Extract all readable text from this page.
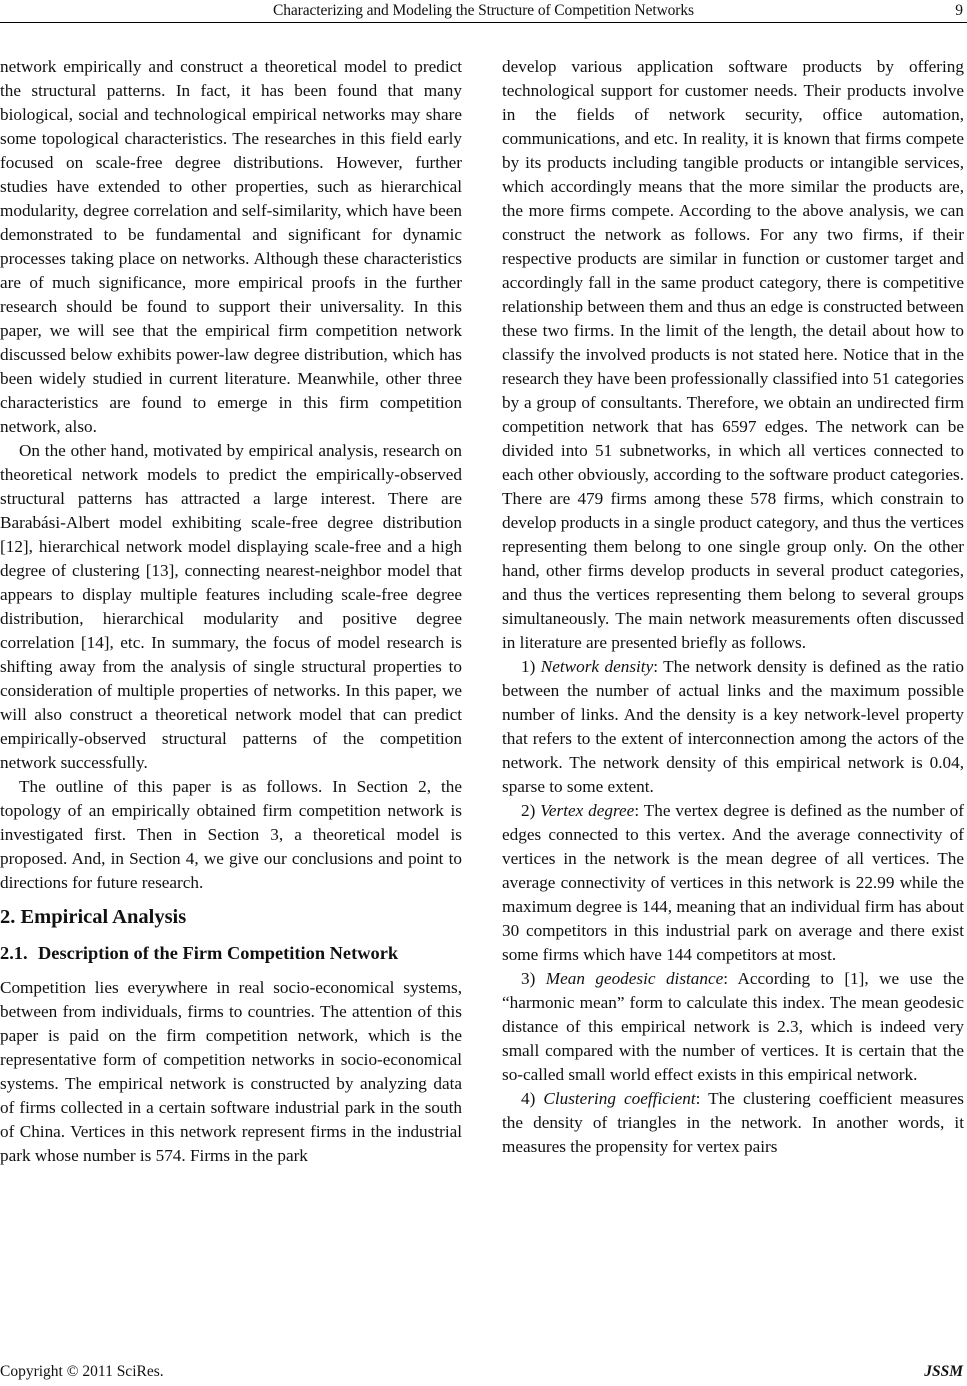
Characterizing and Modeling the Structure of Competition Networks	9

network empirically and construct a theoretical model to predict the structural patterns. In fact, it has been found that many biological, social and technological empirical networks may share some topological characteristics. The researches in this field early focused on scale-free degree distributions. However, further studies have extended to other properties, such as hierarchical modularity, degree correlation and self-similarity, which have been demonstrated to be fundamental and significant for dynamic processes taking place on networks. Although these characteristics are of much significance, more empirical proofs in the further research should be found to support their universality. In this paper, we will see that the empirical firm competition network discussed below exhibits power-law degree distribution, which has been widely studied in current literature. Meanwhile, other three characteristics are found to emerge in this firm competition network, also.

On the other hand, motivated by empirical analysis, research on theoretical network models to predict the empirically-observed structural patterns has attracted a large interest. There are Barabási-Albert model exhibiting scale-free degree distribution [12], hierarchical network model displaying scale-free and a high degree of clustering [13], connecting nearest-neighbor model that appears to display multiple features including scale-free degree distribution, hierarchical modularity and positive degree correlation [14], etc. In summary, the focus of model research is shifting away from the analysis of single structural properties to consideration of multiple properties of networks. In this paper, we will also construct a theoretical network model that can predict empirically-observed structural patterns of the competition network successfully.

The outline of this paper is as follows. In Section 2, the topology of an empirically obtained firm competition network is investigated first. Then in Section 3, a theoretical model is proposed. And, in Section 4, we give our conclusions and point to directions for future research.

2. Empirical Analysis
2.1. Description of the Firm Competition Network

Competition lies everywhere in real socio-economical systems, between from individuals, firms to countries. The attention of this paper is paid on the firm competition network, which is the representative form of competition networks in socio-economical systems. The empirical network is constructed by analyzing data of firms collected in a certain software industrial park in the south of China. Vertices in this network represent firms in the industrial park whose number is 574. Firms in the park

develop various application software products by offering technological support for customer needs. Their products involve in the fields of network security, office automation, communications, and etc. In reality, it is known that firms compete by its products including tangible products or intangible services, which accordingly means that the more similar the products are, the more firms compete. According to the above analysis, we can construct the network as follows. For any two firms, if their respective products are similar in function or customer target and accordingly fall in the same product category, there is competitive relationship between them and thus an edge is constructed between these two firms. In the limit of the length, the detail about how to classify the involved products is not stated here. Notice that in the research they have been professionally classified into 51 categories by a group of consultants. Therefore, we obtain an undirected firm competition network that has 6597 edges. The network can be divided into 51 subnetworks, in which all vertices connected to each other obviously, according to the software product categories. There are 479 firms among these 578 firms, which constrain to develop products in a single product category, and thus the vertices representing them belong to one single group only. On the other hand, other firms develop products in several product categories, and thus the vertices representing them belong to several groups simultaneously. The main network measurements often discussed in literature are presented briefly as follows.

1) Network density: The network density is defined as the ratio between the number of actual links and the maximum possible number of links. And the density is a key network-level property that refers to the extent of interconnection among the actors of the network. The network density of this empirical network is 0.04, sparse to some extent.

2) Vertex degree: The vertex degree is defined as the number of edges connected to this vertex. And the average connectivity of vertices in the network is the mean degree of all vertices. The average connectivity of vertices in this network is 22.99 while the maximum degree is 144, meaning that an individual firm has about 30 competitors in this industrial park on average and there exist some firms which have 144 competitors at most.

3) Mean geodesic distance: According to [1], we use the “harmonic mean” form to calculate this index. The mean geodesic distance of this empirical network is 2.3, which is indeed very small compared with the number of vertices. It is certain that the so-called small world effect exists in this empirical network.

4) Clustering coefficient: The clustering coefficient measures the density of triangles in the network. In another words, it measures the propensity for vertex pairs

Copyright © 2011 SciRes.	JSSM
